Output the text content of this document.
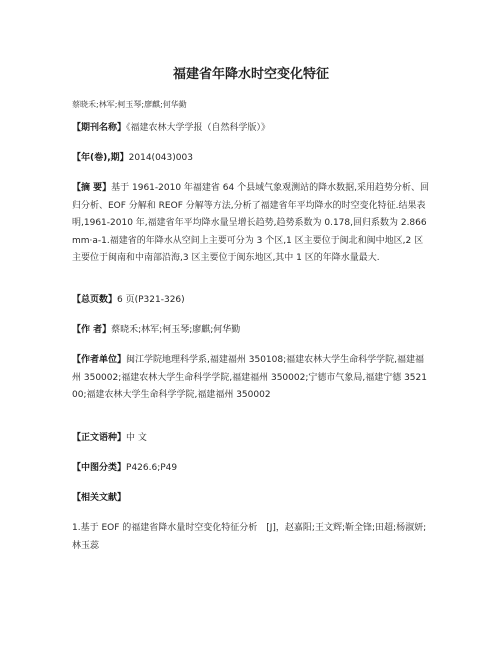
福建省年降水时空变化特征
蔡晓禾;林军;柯玉琴;廖麒;何华勤
【期刊名称】《福建农林大学学报（自然科学版）》
【年(卷),期】2014(043)003
【摘 要】基于 1961-2010 年福建省 64 个县域气象观测站的降水数据,采用趋势分析、回归分析、EOF 分解和 REOF 分解等方法,分析了福建省年平均降水的时空变化特征.结果表明,1961-2010 年,福建省年平均降水量呈增长趋势,趋势系数为 0.178,回归系数为 2.866mm·a-1.福建省的年降水从空间上主要可分为 3 个区,1 区主要位于闽北和闽中地区,2 区主要位于闽南和中南部沿海,3 区主要位于闽东地区,其中 1 区的年降水量最大.
【总页数】6 页(P321-326)
【作 者】蔡晓禾;林军;柯玉琴;廖麒;何华勤
【作者单位】闽江学院地理科学系,福建福州 350108;福建农林大学生命科学学院,福建福州 350002;福建农林大学生命科学学院,福建福州 350002;宁德市气象局,福建宁德 352100;福建农林大学生命科学学院,福建福州 350002
【正文语种】中 文
【中图分类】P426.6;P49
【相关文献】
1.基于 EOF 的福建省降水量时空变化特征分析　[J]，赵嘉阳;王文辉;靳全锋;田超;杨淑妍;林玉蕊
